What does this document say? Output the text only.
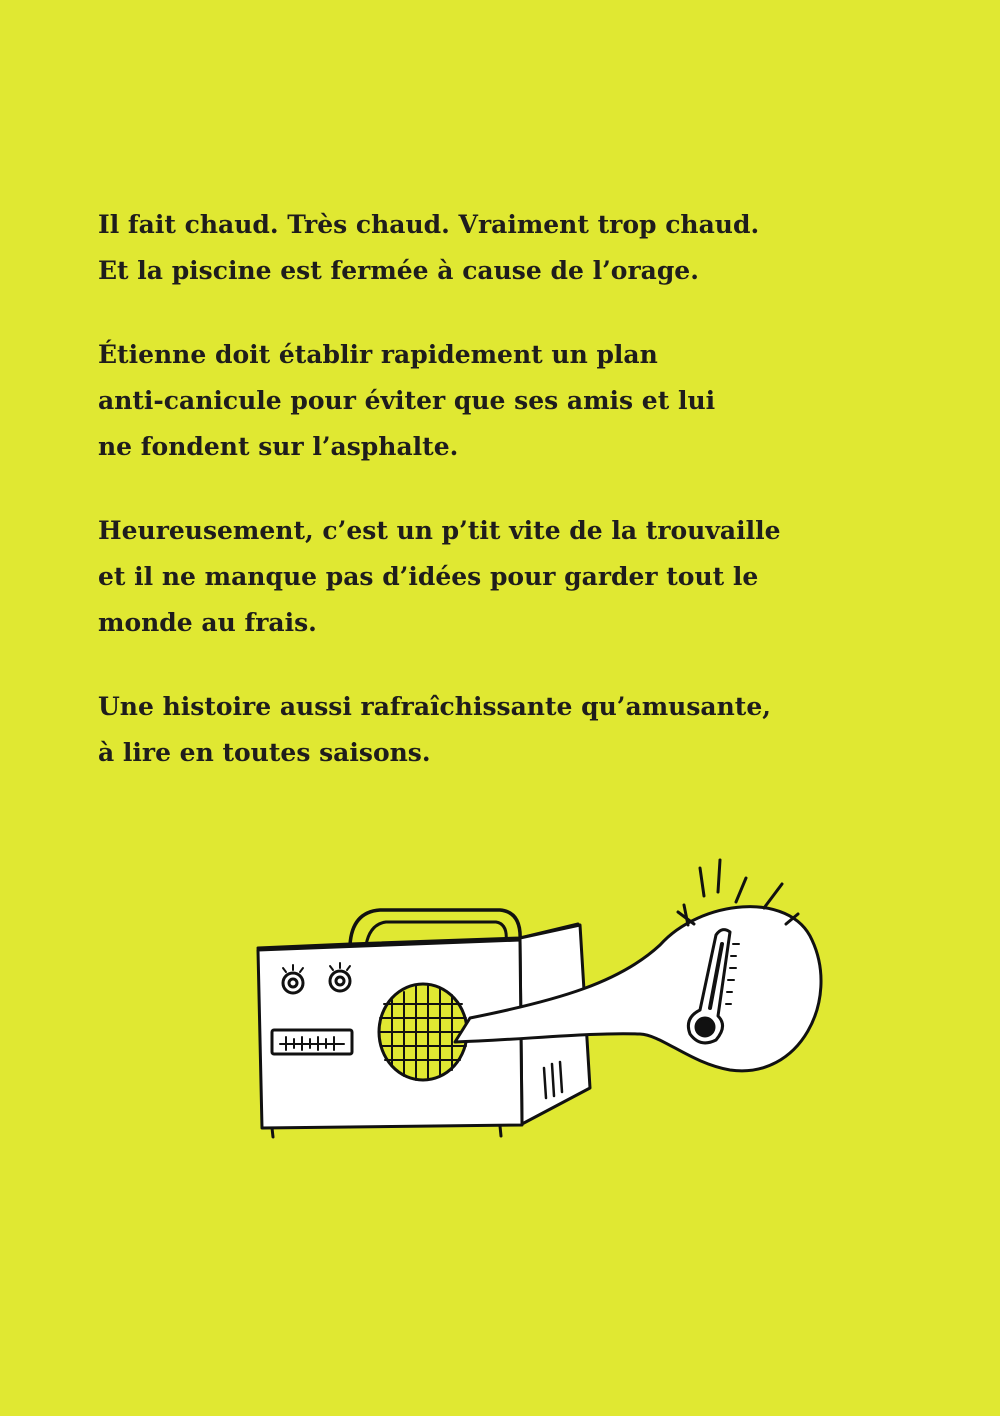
Il fait chaud. Très chaud. Vraiment trop chaud.
Et la piscine est fermée à cause de l’orage.

Étienne doit établir rapidement un plan
anti-canicule pour éviter que ses amis et lui
ne fondent sur l’asphalte.

Heureusement, c’est un p’tit vite de la trouvaille
et il ne manque pas d’idées pour garder tout le
monde au frais.

Une histoire aussi rafraîchissante qu’amusante,
à lire en toutes saisons.
